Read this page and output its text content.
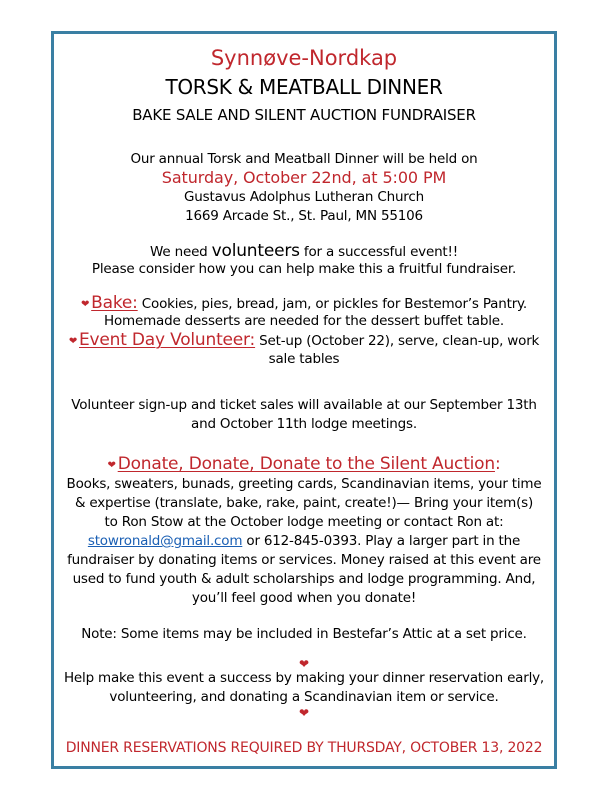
Synnøve-Nordkap
TORSK & MEATBALL DINNER
BAKE SALE AND SILENT AUCTION FUNDRAISER
Our annual Torsk and Meatball Dinner will be held on
Saturday, October 22nd, at 5:00 PM
Gustavus Adolphus Lutheran Church
1669 Arcade St., St. Paul, MN 55106
We need volunteers for a successful event!!
Please consider how you can help make this a fruitful fundraiser.
❤ Bake: Cookies, pies, bread, jam, or pickles for Bestemor’s Pantry.
Homemade desserts are needed for the dessert buffet table.
❤ Event Day Volunteer: Set-up (October 22), serve, clean-up, work
sale tables
Volunteer sign-up and ticket sales will available at our September 13th
and October 11th lodge meetings.
❤ Donate, Donate, Donate to the Silent Auction:
Books, sweaters, bunads, greeting cards, Scandinavian items, your time
& expertise (translate, bake, rake, paint, create!)— Bring your item(s)
to Ron Stow at the October lodge meeting or contact Ron at:
stowronald@gmail.com or 612-845-0393. Play a larger part in the
fundraiser by donating items or services. Money raised at this event are
used to fund youth & adult scholarships and lodge programming. And,
you’ll feel good when you donate!
Note: Some items may be included in Bestefar’s Attic at a set price.
❤
Help make this event a success by making your dinner reservation early,
volunteering, and donating a Scandinavian item or service.
❤
DINNER RESERVATIONS REQUIRED BY THURSDAY, OCTOBER 13, 2022
